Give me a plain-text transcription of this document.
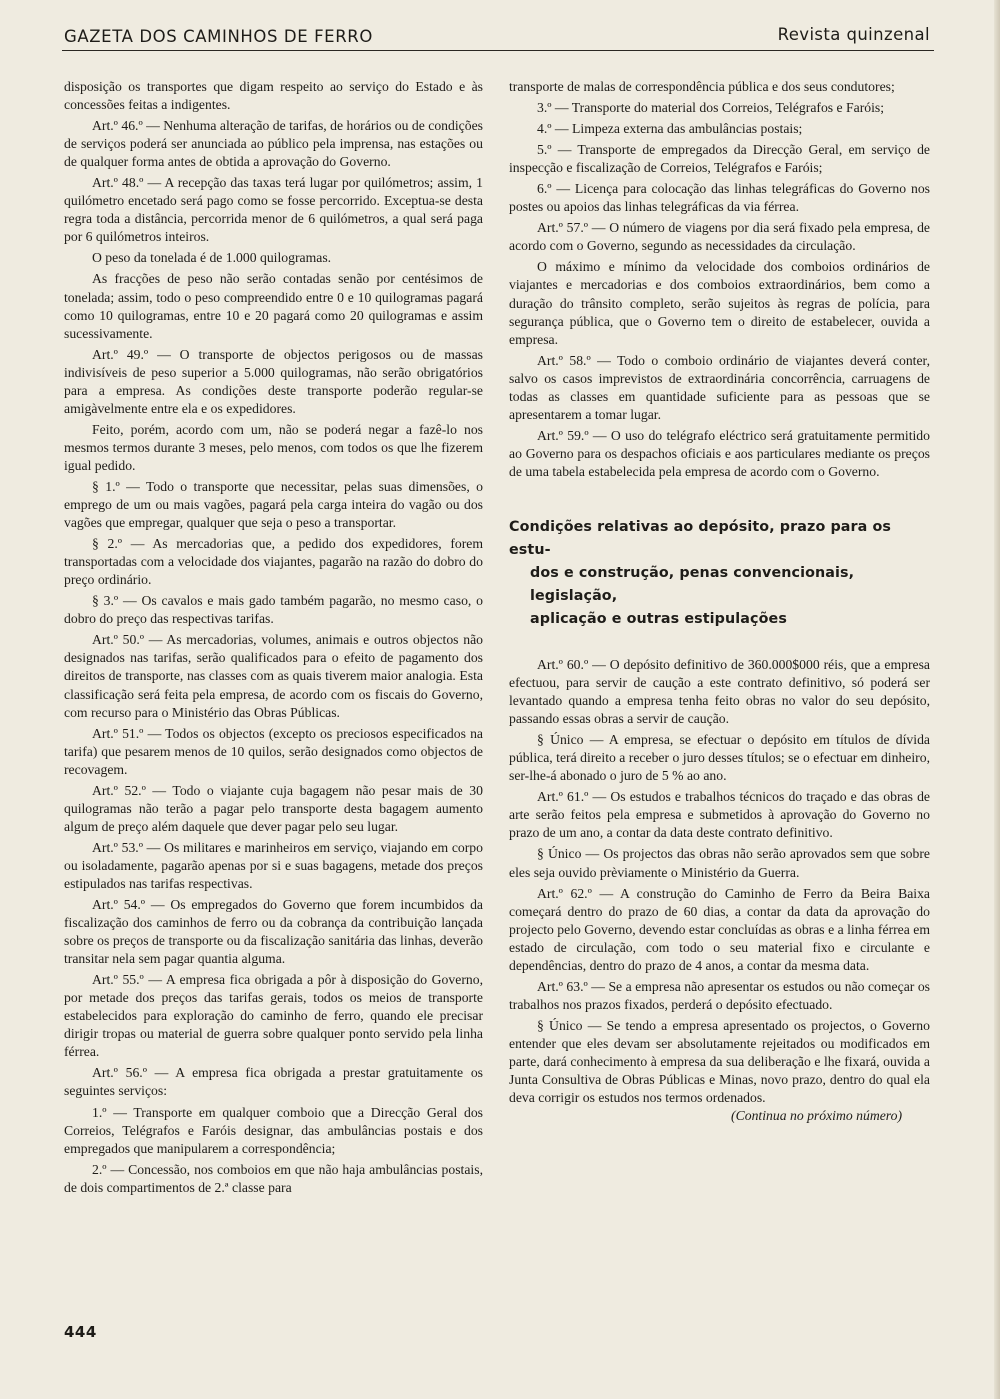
GAZETA DOS CAMINHOS DE FERRO	Revista quinzenal

disposição os transportes que digam respeito ao serviço do Estado e às concessões feitas a indigentes.

Art.º 46.º — Nenhuma alteração de tarifas, de horários ou de condições de serviços poderá ser anunciada ao público pela imprensa, nas estações ou de qualquer forma antes de obtida a aprovação do Governo.

Art.º 48.º — A recepção das taxas terá lugar por quilómetros; assim, 1 quilómetro encetado será pago como se fosse percorrido. Exceptua-se desta regra toda a distância, percorrida menor de 6 quilómetros, a qual será paga por 6 quilómetros inteiros.

O peso da tonelada é de 1.000 quilogramas.

As fracções de peso não serão contadas senão por centésimos de tonelada; assim, todo o peso compreendido entre 0 e 10 quilogramas pagará como 10 quilogramas, entre 10 e 20 pagará como 20 quilogramas e assim sucessivamente.

Art.º 49.º — O transporte de objectos perigosos ou de massas indivisíveis de peso superior a 5.000 quilogramas, não serão obrigatórios para a empresa. As condições deste transporte poderão regular-se amigàvelmente entre ela e os expedidores.

Feito, porém, acordo com um, não se poderá negar a fazê-lo nos mesmos termos durante 3 meses, pelo menos, com todos os que lhe fizerem igual pedido.

§ 1.º — Todo o transporte que necessitar, pelas suas dimensões, o emprego de um ou mais vagões, pagará pela carga inteira do vagão ou dos vagões que empregar, qualquer que seja o peso a transportar.

§ 2.º — As mercadorias que, a pedido dos expedidores, forem transportadas com a velocidade dos viajantes, pagarão na razão do dobro do preço ordinário.

§ 3.º — Os cavalos e mais gado também pagarão, no mesmo caso, o dobro do preço das respectivas tarifas.

Art.º 50.º — As mercadorias, volumes, animais e outros objectos não designados nas tarifas, serão qualificados para o efeito de pagamento dos direitos de transporte, nas classes com as quais tiverem maior analogia. Esta classificação será feita pela empresa, de acordo com os fiscais do Governo, com recurso para o Ministério das Obras Públicas.

Art.º 51.º — Todos os objectos (excepto os preciosos especificados na tarifa) que pesarem menos de 10 quilos, serão designados como objectos de recovagem.

Art.º 52.º — Todo o viajante cuja bagagem não pesar mais de 30 quilogramas não terão a pagar pelo transporte desta bagagem aumento algum de preço além daquele que dever pagar pelo seu lugar.

Art.º 53.º — Os militares e marinheiros em serviço, viajando em corpo ou isoladamente, pagarão apenas por si e suas bagagens, metade dos preços estipulados nas tarifas respectivas.

Art.º 54.º — Os empregados do Governo que forem incumbidos da fiscalização dos caminhos de ferro ou da cobrança da contribuição lançada sobre os preços de transporte ou da fiscalização sanitária das linhas, deverão transitar nela sem pagar quantia alguma.

Art.º 55.º — A empresa fica obrigada a pôr à disposição do Governo, por metade dos preços das tarifas gerais, todos os meios de transporte estabelecidos para exploração do caminho de ferro, quando ele precisar dirigir tropas ou material de guerra sobre qualquer ponto servido pela linha férrea.

Art.º 56.º — A empresa fica obrigada a prestar gratuitamente os seguintes serviços:

1.º — Transporte em qualquer comboio que a Direcção Geral dos Correios, Telégrafos e Faróis designar, das ambulâncias postais e dos empregados que manipularem a correspondência;

2.º — Concessão, nos comboios em que não haja ambulâncias postais, de dois compartimentos de 2.ª classe para

transporte de malas de correspondência pública e dos seus condutores;

3.º — Transporte do material dos Correios, Telégrafos e Faróis;

4.º — Limpeza externa das ambulâncias postais;

5.º — Transporte de empregados da Direcção Geral, em serviço de inspecção e fiscalização de Correios, Telégrafos e Faróis;

6.º — Licença para colocação das linhas telegráficas do Governo nos postes ou apoios das linhas telegráficas da via férrea.

Art.º 57.º — O número de viagens por dia será fixado pela empresa, de acordo com o Governo, segundo as necessidades da circulação.

O máximo e mínimo da velocidade dos comboios ordinários de viajantes e mercadorias e dos comboios extraordinários, bem como a duração do trânsito completo, serão sujeitos às regras de polícia, para segurança pública, que o Governo tem o direito de estabelecer, ouvida a empresa.

Art.º 58.º — Todo o comboio ordinário de viajantes deverá conter, salvo os casos imprevistos de extraordinária concorrência, carruagens de todas as classes em quantidade suficiente para as pessoas que se apresentarem a tomar lugar.

Art.º 59.º — O uso do telégrafo eléctrico será gratuitamente permitido ao Governo para os despachos oficiais e aos particulares mediante os preços de uma tabela estabelecida pela empresa de acordo com o Governo.

Condições relativas ao depósito, prazo para os estu-
dos e construção, penas convencionais, legislação,
aplicação e outras estipulações

Art.º 60.º — O depósito definitivo de 360.000$000 réis, que a empresa efectuou, para servir de caução a este contrato definitivo, só poderá ser levantado quando a empresa tenha feito obras no valor do seu depósito, passando essas obras a servir de caução.

§ Único — A empresa, se efectuar o depósito em títulos de dívida pública, terá direito a receber o juro desses títulos; se o efectuar em dinheiro, ser-lhe-á abonado o juro de 5 % ao ano.

Art.º 61.º — Os estudos e trabalhos técnicos do traçado e das obras de arte serão feitos pela empresa e submetidos à aprovação do Governo no prazo de um ano, a contar da data deste contrato definitivo.

§ Único — Os projectos das obras não serão aprovados sem que sobre eles seja ouvido prèviamente o Ministério da Guerra.

Art.º 62.º — A construção do Caminho de Ferro da Beira Baixa começará dentro do prazo de 60 dias, a contar da data da aprovação do projecto pelo Governo, devendo estar concluídas as obras e a linha férrea em estado de circulação, com todo o seu material fixo e circulante e dependências, dentro do prazo de 4 anos, a contar da mesma data.

Art.º 63.º — Se a empresa não apresentar os estudos ou não começar os trabalhos nos prazos fixados, perderá o depósito efectuado.

§ Único — Se tendo a empresa apresentado os projectos, o Governo entender que eles devam ser absolutamente rejeitados ou modificados em parte, dará conhecimento à empresa da sua deliberação e lhe fixará, ouvida a Junta Consultiva de Obras Públicas e Minas, novo prazo, dentro do qual ela deva corrigir os estudos nos termos ordenados.

(Continua no próximo número)

444
